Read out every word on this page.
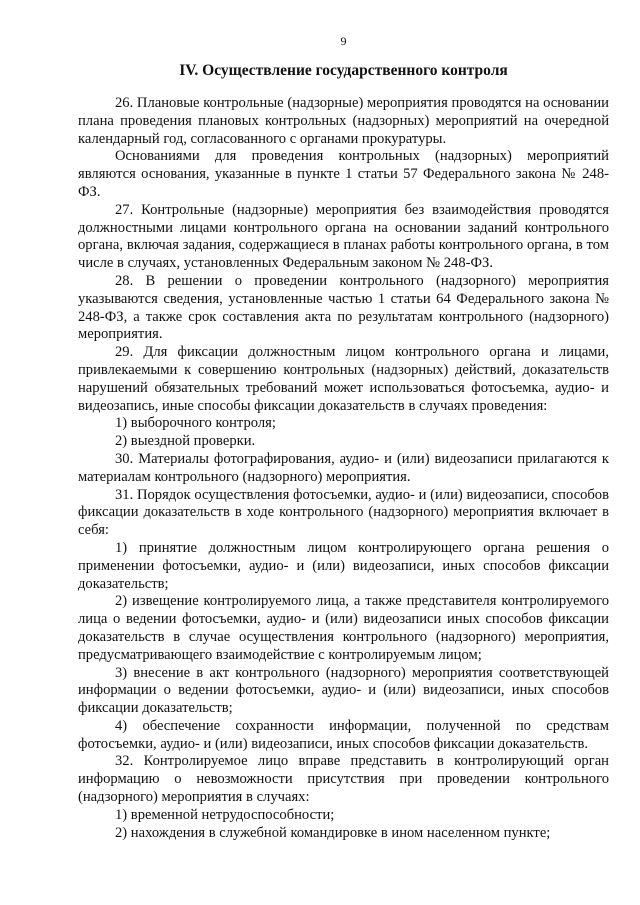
9
IV. Осуществление государственного контроля

26. Плановые контрольные (надзорные) мероприятия проводятся на основании плана проведения плановых контрольных (надзорных) мероприятий на очередной календарный год, согласованного с органами прокуратуры.

Основаниями для проведения контрольных (надзорных) мероприятий являются основания, указанные в пункте 1 статьи 57 Федерального закона № 248-ФЗ.

27. Контрольные (надзорные) мероприятия без взаимодействия проводятся должностными лицами контрольного органа на основании заданий контрольного органа, включая задания, содержащиеся в планах работы контрольного органа, в том числе в случаях, установленных Федеральным законом № 248-ФЗ.

28. В решении о проведении контрольного (надзорного) мероприятия указываются сведения, установленные частью 1 статьи 64 Федерального закона № 248-ФЗ, а также срок составления акта по результатам контрольного (надзорного) мероприятия.

29. Для фиксации должностным лицом контрольного органа и лицами, привлекаемыми к совершению контрольных (надзорных) действий, доказательств нарушений обязательных требований может использоваться фотосъемка, аудио- и видеозапись, иные способы фиксации доказательств в случаях проведения:

1) выборочного контроля;

2) выездной проверки.

30. Материалы фотографирования, аудио- и (или) видеозаписи прилагаются к материалам контрольного (надзорного) мероприятия.

31. Порядок осуществления фотосъемки, аудио- и (или) видеозаписи, способов фиксации доказательств в ходе контрольного (надзорного) мероприятия включает в себя:

1) принятие должностным лицом контролирующего органа решения о применении фотосъемки, аудио- и (или) видеозаписи, иных способов фиксации доказательств;

2) извещение контролируемого лица, а также представителя контролируемого лица о ведении фотосъемки, аудио- и (или) видеозаписи иных способов фиксации доказательств в случае осуществления контрольного (надзорного) мероприятия, предусматривающего взаимодействие с контролируемым лицом;

3) внесение в акт контрольного (надзорного) мероприятия соответствующей информации о ведении фотосъемки, аудио- и (или) видеозаписи, иных способов фиксации доказательств;

4) обеспечение сохранности информации, полученной по средствам фотосъемки, аудио- и (или) видеозаписи, иных способов фиксации доказательств.

32. Контролируемое лицо вправе представить в контролирующий орган информацию о невозможности присутствия при проведении контрольного (надзорного) мероприятия в случаях:

1) временной нетрудоспособности;

2) нахождения в служебной командировке в ином населенном пункте;
